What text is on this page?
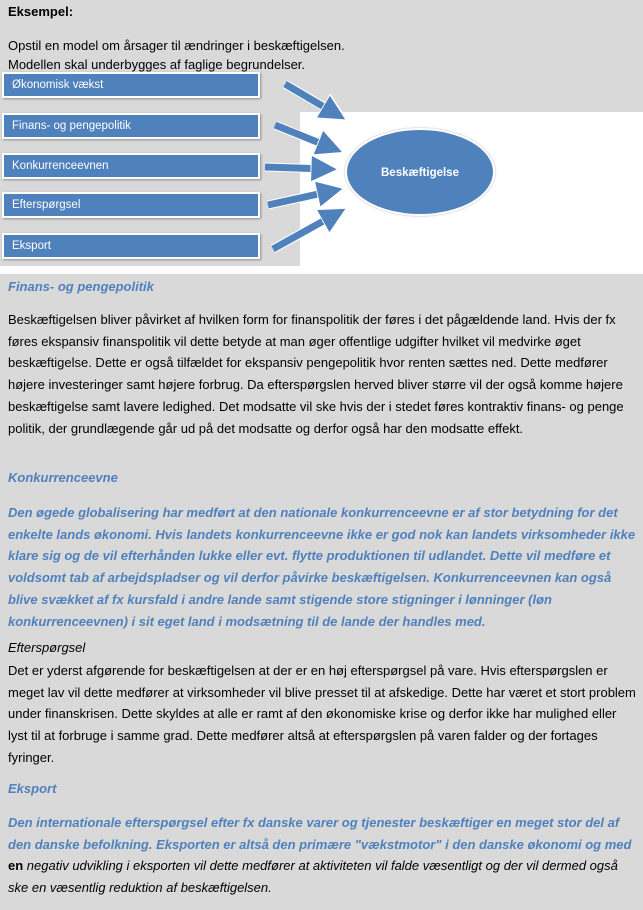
Eksempel:
Opstil en model om årsager til ændringer i beskæftigelsen.
Modellen skal underbygges af faglige begrundelser.
Økonomisk vækst
Finans- og pengepolitik
Konkurrenceevnen
Efterspørgsel
Eksport
Beskæftigelse
Finans- og pengepolitik
Beskæftigelsen bliver påvirket af hvilken form for finanspolitik der føres i det pågældende land. Hvis der fx føres ekspansiv finanspolitik vil dette betyde at man øger offentlige udgifter hvilket vil medvirke øget beskæftigelse. Dette er også tilfældet for ekspansiv pengepolitik hvor renten sættes ned. Dette medfører højere investeringer samt højere forbrug. Da efterspørgslen herved bliver større vil der også komme højere beskæftigelse samt lavere ledighed. Det modsatte vil ske hvis der i stedet føres kontraktiv finans- og penge politik, der grundlægende går ud på det modsatte og derfor også har den modsatte effekt.
Konkurrenceevne
Den øgede globalisering har medført at den nationale konkurrenceevne er af stor betydning for det enkelte lands økonomi. Hvis landets konkurrenceevne ikke er god nok kan landets virksomheder ikke klare sig og de vil efterhånden lukke eller evt. flytte produktionen til udlandet. Dette vil medføre et voldsomt tab af arbejdspladser og vil derfor påvirke beskæftigelsen. Konkurrenceevnen kan også blive svækket af fx kursfald i andre lande samt stigende store stigninger i lønninger (løn konkurrenceevnen) i sit eget land i modsætning til de lande der handles med.
Efterspørgsel
Det er yderst afgørende for beskæftigelsen at der er en høj efterspørgsel på vare. Hvis efterspørgslen er meget lav vil dette medfører at virksomheder vil blive presset til at afskedige. Dette har været et stort problem under finanskrisen. Dette skyldes at alle er ramt af den økonomiske krise og derfor ikke har mulighed eller lyst til at forbruge i samme grad. Dette medfører altså at efterspørgslen på varen falder og der fortages fyringer.
Eksport
Den internationale efterspørgsel efter fx danske varer og tjenester beskæftiger en meget stor del af den danske befolkning. Eksporten er altså den primære "vækstmotor" i den danske økonomi og med en negativ udvikling i eksporten vil dette medfører at aktiviteten vil falde væsentligt og der vil dermed også ske en væsentlig reduktion af beskæftigelsen.
